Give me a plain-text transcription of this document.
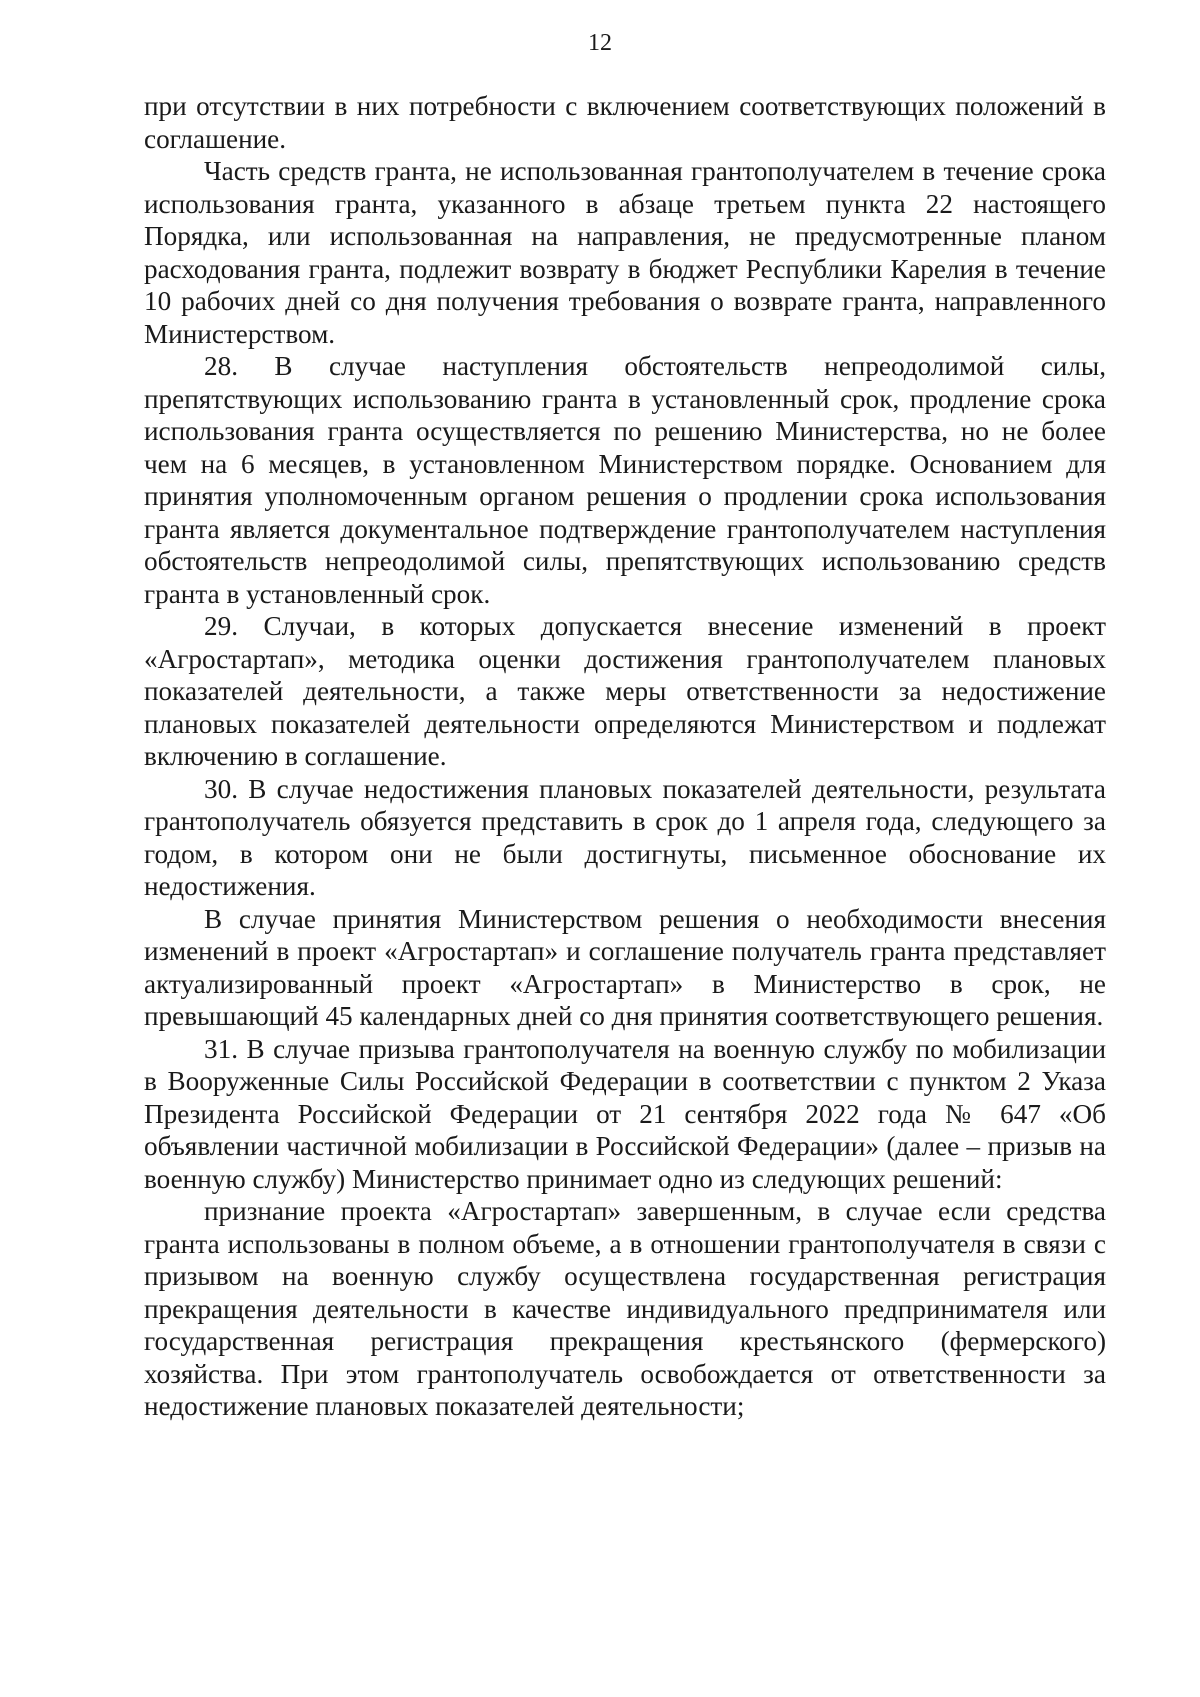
12

при отсутствии в них потребности с включением соответствующих положений в соглашение.

Часть средств гранта, не использованная грантополучателем в течение срока использования гранта, указанного в абзаце третьем пункта 22 настоящего Порядка, или использованная на направления, не предусмотренные планом расходования гранта, подлежит возврату в бюджет Республики Карелия в течение 10 рабочих дней со дня получения требования о возврате гранта, направленного Министерством.

28. В случае наступления обстоятельств непреодолимой силы, препятствующих использованию гранта в установленный срок, продление срока использования гранта осуществляется по решению Министерства, но не более чем на 6 месяцев, в установленном Министерством порядке. Основанием для принятия уполномоченным органом решения о продлении срока использования гранта является документальное подтверждение грантополучателем наступления обстоятельств непреодолимой силы, препятствующих использованию средств гранта в установленный срок.

29. Случаи, в которых допускается внесение изменений в проект «Агростартап», методика оценки достижения грантополучателем плановых показателей деятельности, а также меры ответственности за недостижение плановых показателей деятельности определяются Министерством и подлежат включению в соглашение.

30. В случае недостижения плановых показателей деятельности, результата грантополучатель обязуется представить в срок до 1 апреля года, следующего за годом, в котором они не были достигнуты, письменное обоснование их недостижения.

В случае принятия Министерством решения о необходимости внесения изменений в проект «Агростартап» и соглашение получатель гранта представляет актуализированный проект «Агростартап» в Министерство в срок, не превышающий 45 календарных дней со дня принятия соответствующего решения.

31. В случае призыва грантополучателя на военную службу по мобилизации в Вооруженные Силы Российской Федерации в соответствии с пунктом 2 Указа Президента Российской Федерации от 21 сентября 2022 года № 647 «Об объявлении частичной мобилизации в Российской Федерации» (далее – призыв на военную службу) Министерство принимает одно из следующих решений:

признание проекта «Агростартап» завершенным, в случае если средства гранта использованы в полном объеме, а в отношении грантополучателя в связи с призывом на военную службу осуществлена государственная регистрация прекращения деятельности в качестве индивидуального предпринимателя или государственная регистрация прекращения крестьянского (фермерского) хозяйства. При этом грантополучатель освобождается от ответственности за недостижение плановых показателей деятельности;
